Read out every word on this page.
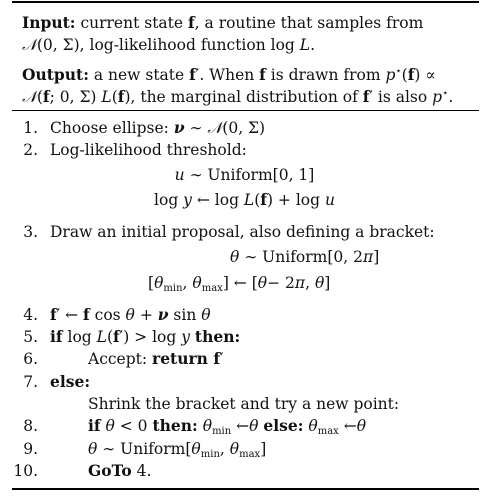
Input: current state f, a routine that samples from
𝒩(0, Σ), log-likelihood function log L.
Output: a new state f′. When f is drawn from p⋆(f) ∝
𝒩(f; 0, Σ) L(f), the marginal distribution of f′ is also p⋆.
1. Choose ellipse: ν ∼ 𝒩(0, Σ)
2. Log-likelihood threshold:
u ∼ Uniform[0, 1]
log y ← log L(f) + log u
3. Draw an initial proposal, also defining a bracket:
θ ∼ Uniform[0, 2π]
[$\theta_{min}$, $\theta_{max}$] ← [θ− 2π, θ]
4. f′ ← f cos θ + ν sin θ
5. if log L(f′) > log y then:
6.	Accept: return f′
7. else:
Shrink the bracket and try a new point:
8.	if θ < 0 then: $\theta_{min}$ ←θ else: $\theta_{max}$ ←θ
9.	θ ∼ $Uniform[\theta_{min}$, $\theta_{max}$]
10.	GoTo 4.
